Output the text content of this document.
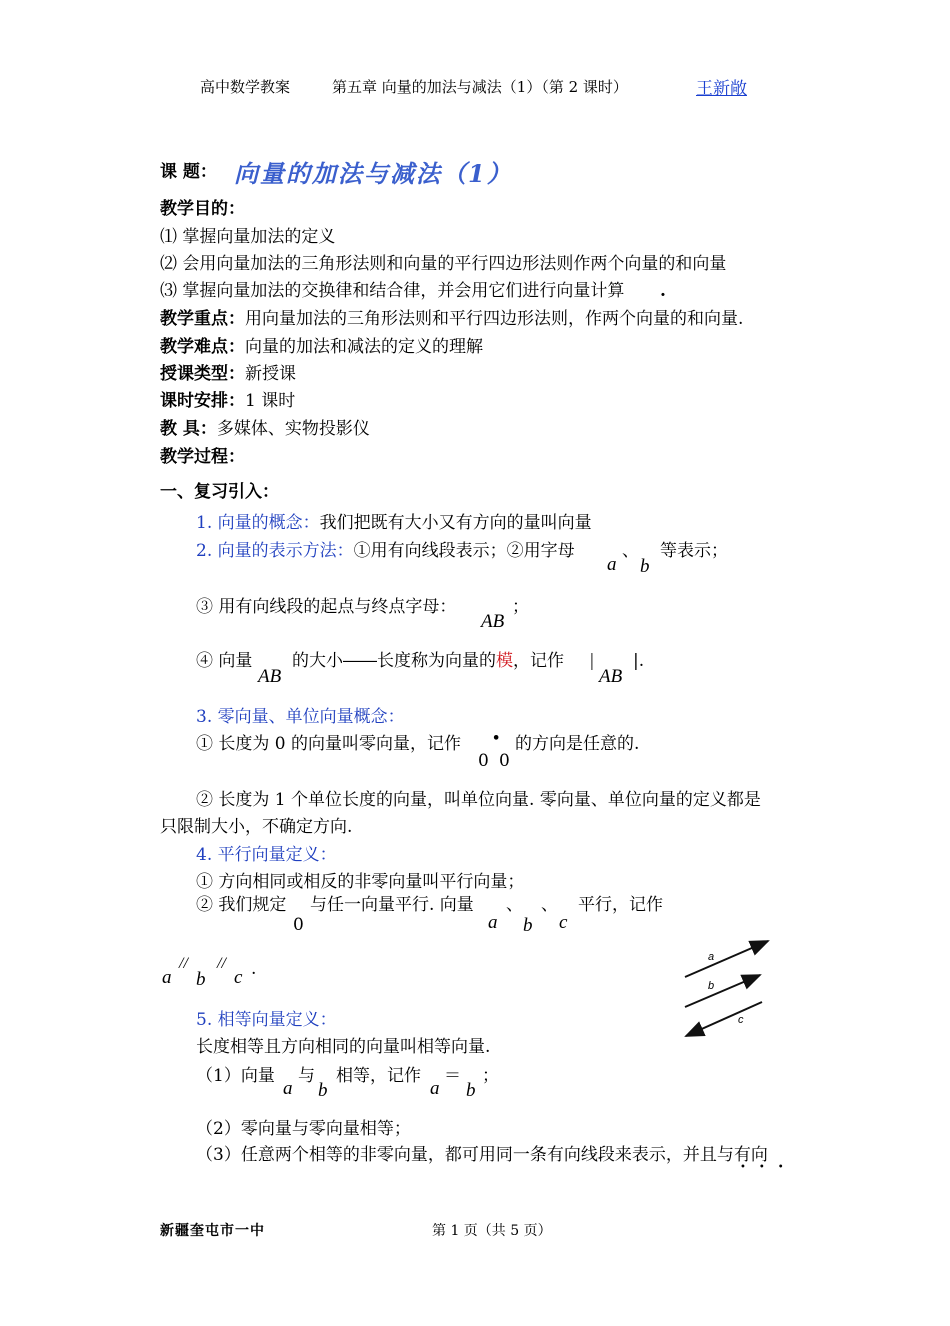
高中数学教案	第五章 向量的加法与减法（1）（第 2 课时）	王新敞
课 题： 向量的加法与减法（1）
教学目的：
⑴ 掌握向量加法的定义
⑵ 会用向量加法的三角形法则和向量的平行四边形法则作两个向量的和向量
⑶ 掌握向量加法的交换律和结合律，并会用它们进行向量计算 .
教学重点：用向量加法的三角形法则和平行四边形法则，作两个向量的和向量.
教学难点：向量的加法和减法的定义的理解
授课类型：新授课
课时安排：1 课时
教 具：多媒体、实物投影仪
教学过程：
一、复习引入：
1. 向量的概念：我们把既有大小又有方向的量叫向量
2. 向量的表示方法：①用有向线段表示；②用字母	、 等表示；
a b
③ 用有向线段的起点与终点字母：	；
AB
④ 向量
AB
的大小――长度称为向量的模，记作 |
AB
|.
3. 零向量、单位向量概念：
① 长度为 0 的向量叫零向量，记作 • 的方向是任意的.
0 0
② 长度为 1 个单位长度的向量，叫单位向量. 零向量、单位向量的定义都是
只限制大小，不确定方向.
4. 平行向量定义：
① 方向相同或相反的非零向量叫平行向量；
② 我们规定
0
与任一向量平行. 向量 、 、 平行，记作
a b c
a
//
b
//
c .
a
b
c
5. 相等向量定义：
长度相等且方向相同的向量叫相等向量.
（1）向量
a
与
b
相等，记作
a
＝
b
；
（2）零向量与零向量相等；
（3）任意两个相等的非零向量，都可用同一条有向线段来表示，并且与有向
•••
新疆奎屯市一中	第 1 页（共 5 页）
